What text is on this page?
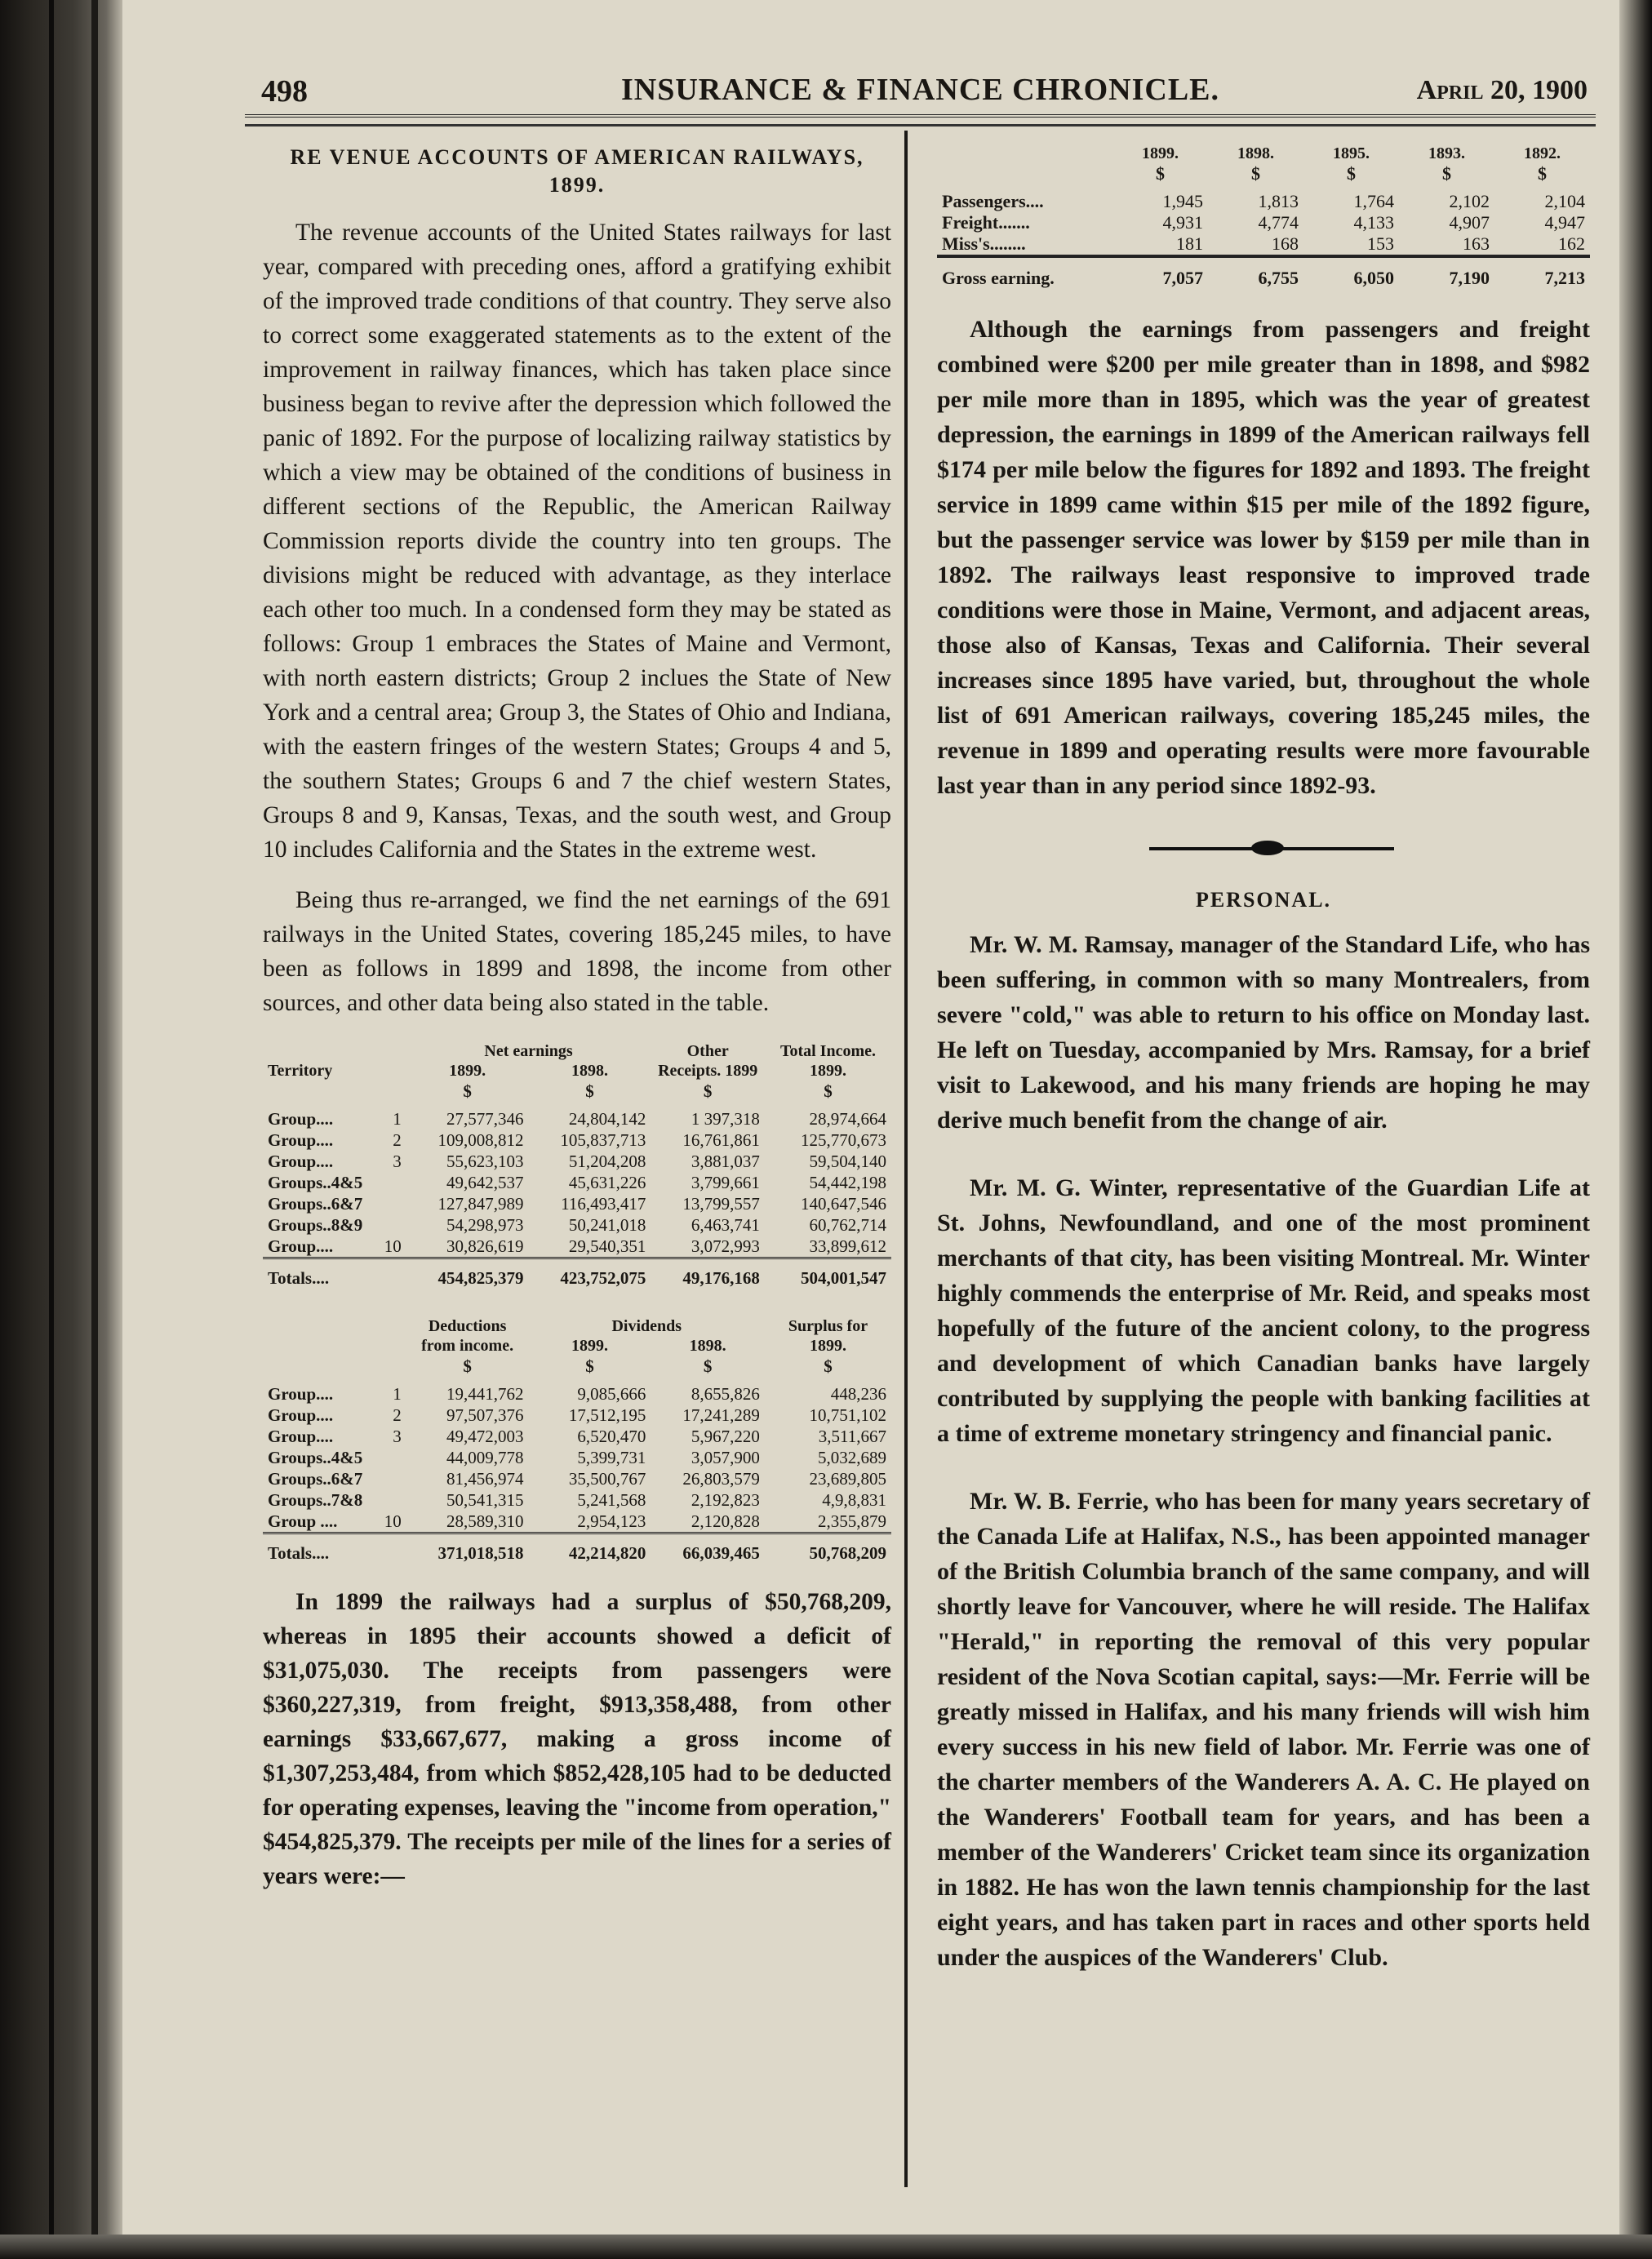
498	INSURANCE & FINANCE CHRONICLE.	April 20, 1900

RE VENUE ACCOUNTS OF AMERICAN RAILWAYS,

1899.

The revenue accounts of the United States railways for last year, compared with preceding ones, afford a gratifying exhibit of the improved trade conditions of that country. They serve also to correct some exaggerated statements as to the extent of the improvement in railway finances, which has taken place since business began to revive after the depression which followed the panic of 1892. For the purpose of localizing railway statistics by which a view may be obtained of the conditions of business in different sections of the Republic, the American Railway Commission reports divide the country into ten groups. The divisions might be reduced with advantage, as they interlace each other too much. In a condensed form they may be stated as follows: Group 1 embraces the States of Maine and Vermont, with north eastern districts; Group 2 inclues the State of New York and a central area; Group 3, the States of Ohio and Indiana, with the eastern fringes of the western States; Groups 4 and 5, the southern States; Groups 6 and 7 the chief western States, Groups 8 and 9, Kansas, Texas, and the south west, and Group 10 includes California and the States in the extreme west.

Being thus re-arranged, we find the net earnings of the 691 railways in the United States, covering 185,245 miles, to have been as follows in 1899 and 1898, the income from other sources, and other data being also stated in the table.

Territory		Net earnings		Other Receipts. 1899	Total Income. 1899.
		1899.	1898.		
		$	$	$	$
Group....	1	27,577,346	24,804,142	1 397,318	28,974,664
Group....	2	109,008,812	105,837,713	16,761,861	125,770,673
Group....	3	55,623,103	51,204,208	3,881,037	59,504,140
Groups..4&5		49,642,537	45,631,226	3,799,661	54,442,198
Groups..6&7		127,847,989	116,493,417	13,799,557	140,647,546
Groups..8&9		54,298,973	50,241,018	6,463,741	60,762,714
Group....	10	30,826,619	29,540,351	3,072,993	33,899,612
Totals....		454,825,379	423,752,075	49,176,168	504,001,547
		Deductions from income.	Dividends		Surplus for 1899.
			1899.	1898.	
		$	$	$	$
Group....	1	19,441,762	9,085,666	8,655,826	448,236
Group....	2	97,507,376	17,512,195	17,241,289	10,751,102
Group....	3	49,472,003	6,520,470	5,967,220	3,511,667
Groups..4&5		44,009,778	5,399,731	3,057,900	5,032,689
Groups..6&7		81,456,974	35,500,767	26,803,579	23,689,805
Groups..7&8		50,541,315	5,241,568	2,192,823	4,9,8,831
Group ....	10	28,589,310	2,954,123	2,120,828	2,355,879
Totals....		371,018,518	42,214,820	66,039,465	50,768,209

In 1899 the railways had a surplus of $50,768,209, whereas in 1895 their accounts showed a deficit of $31,075,030. The receipts from passengers were $360,227,319, from freight, $913,358,488, from other earnings $33,667,677, making a gross income of $1,307,253,484, from which $852,428,105 had to be deducted for operating expenses, leaving the "income from operation," $454,825,379. The receipts per mile of the lines for a series of years were:—

	1899.	1898.	1895.	1893.	1892.
	$	$	$	$	$
Passengers....	1,945	1,813	1,764	2,102	2,104
Freight.......	4,931	4,774	4,133	4,907	4,947
Miss's........	181	168	153	163	162
Gross earning.	7,057	6,755	6,050	7,190	7,213

Although the earnings from passengers and freight combined were $200 per mile greater than in 1898, and $982 per mile more than in 1895, which was the year of greatest depression, the earnings in 1899 of the American railways fell $174 per mile below the figures for 1892 and 1893. The freight service in 1899 came within $15 per mile of the 1892 figure, but the passenger service was lower by $159 per mile than in 1892. The railways least responsive to improved trade conditions were those in Maine, Vermont, and adjacent areas, those also of Kansas, Texas and California. Their several increases since 1895 have varied, but, throughout the whole list of 691 American railways, covering 185,245 miles, the revenue in 1899 and operating results were more favourable last year than in any period since 1892-93.

PERSONAL.

Mr. W. M. Ramsay, manager of the Standard Life, who has been suffering, in common with so many Montrealers, from severe "cold," was able to return to his office on Monday last. He left on Tuesday, accompanied by Mrs. Ramsay, for a brief visit to Lakewood, and his many friends are hoping he may derive much benefit from the change of air.

Mr. M. G. Winter, representative of the Guardian Life at St. Johns, Newfoundland, and one of the most prominent merchants of that city, has been visiting Montreal. Mr. Winter highly commends the enterprise of Mr. Reid, and speaks most hopefully of the future of the ancient colony, to the progress and development of which Canadian banks have largely contributed by supplying the people with banking facilities at a time of extreme monetary stringency and financial panic.

Mr. W. B. Ferrie, who has been for many years secretary of the Canada Life at Halifax, N.S., has been appointed manager of the British Columbia branch of the same company, and will shortly leave for Vancouver, where he will reside. The Halifax "Herald," in reporting the removal of this very popular resident of the Nova Scotian capital, says:—Mr. Ferrie will be greatly missed in Halifax, and his many friends will wish him every success in his new field of labor. Mr. Ferrie was one of the charter members of the Wanderers A. A. C. He played on the Wanderers' Football team for years, and has been a member of the Wanderers' Cricket team since its organization in 1882. He has won the lawn tennis championship for the last eight years, and has taken part in races and other sports held under the auspices of the Wanderers' Club.
